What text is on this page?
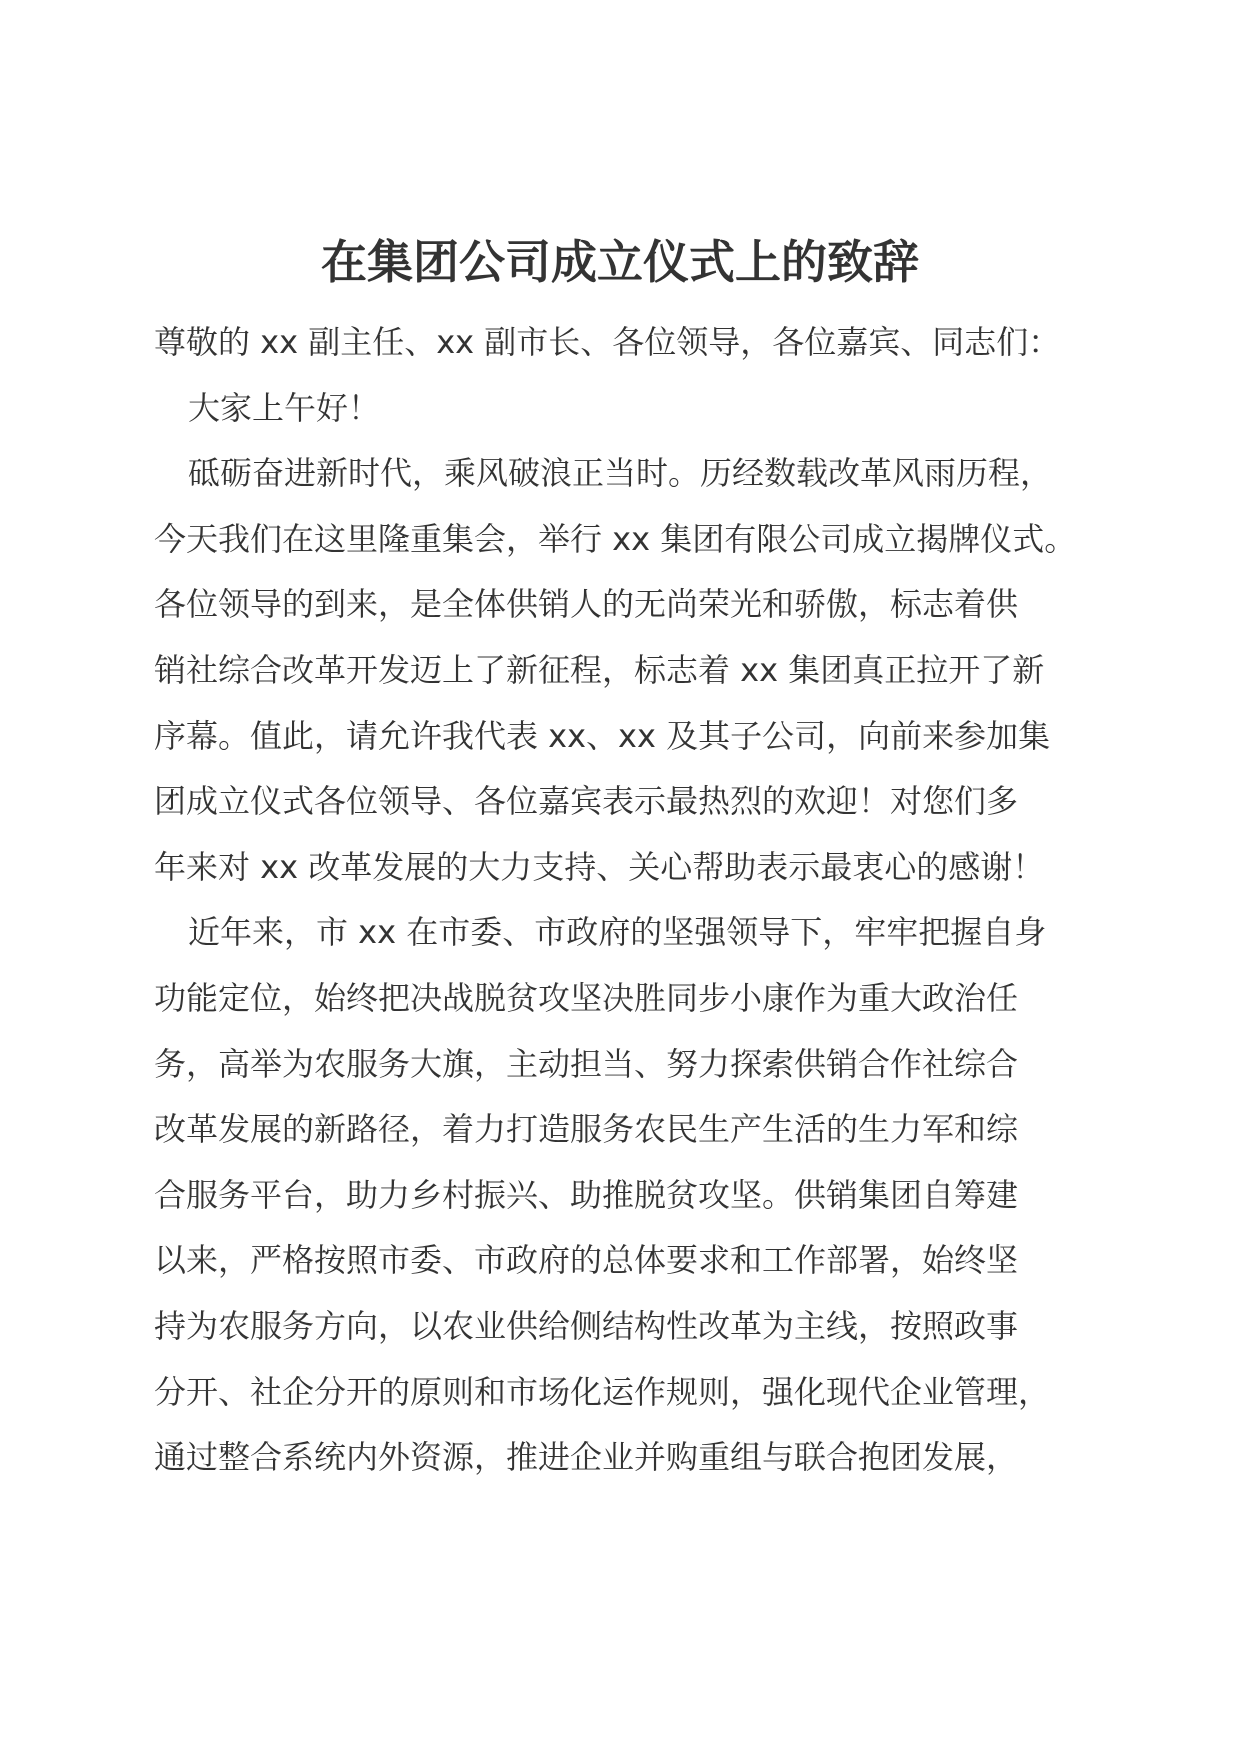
在集团公司成立仪式上的致辞
尊敬的 xx 副主任、xx 副市长、各位领导，各位嘉宾、同志们：
大家上午好！
砥砺奋进新时代，乘风破浪正当时。历经数载改革风雨历程，
今天我们在这里隆重集会，举行 xx 集团有限公司成立揭牌仪式。
各位领导的到来，是全体供销人的无尚荣光和骄傲，标志着供
销社综合改革开发迈上了新征程，标志着 xx 集团真正拉开了新
序幕。值此，请允许我代表 xx、xx 及其子公司，向前来参加集
团成立仪式各位领导、各位嘉宾表示最热烈的欢迎！对您们多
年来对 xx 改革发展的大力支持、关心帮助表示最衷心的感谢！
近年来，市 xx 在市委、市政府的坚强领导下，牢牢把握自身
功能定位，始终把决战脱贫攻坚决胜同步小康作为重大政治任
务，高举为农服务大旗，主动担当、努力探索供销合作社综合
改革发展的新路径，着力打造服务农民生产生活的生力军和综
合服务平台，助力乡村振兴、助推脱贫攻坚。供销集团自筹建
以来，严格按照市委、市政府的总体要求和工作部署，始终坚
持为农服务方向，以农业供给侧结构性改革为主线，按照政事
分开、社企分开的原则和市场化运作规则，强化现代企业管理，
通过整合系统内外资源，推进企业并购重组与联合抱团发展，
